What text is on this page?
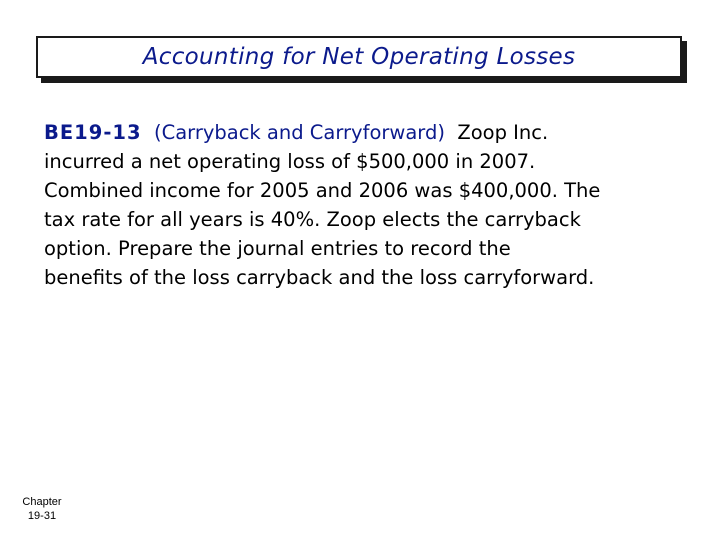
Accounting for Net Operating Losses
BE19-13 (Carryback and Carryforward) Zoop Inc.
incurred a net operating loss of $500,000 in 2007.
Combined income for 2005 and 2006 was $400,000. The
tax rate for all years is 40%. Zoop elects the carryback
option. Prepare the journal entries to record the
benefits of the loss carryback and the loss carryforward.
Chapter
19-31
